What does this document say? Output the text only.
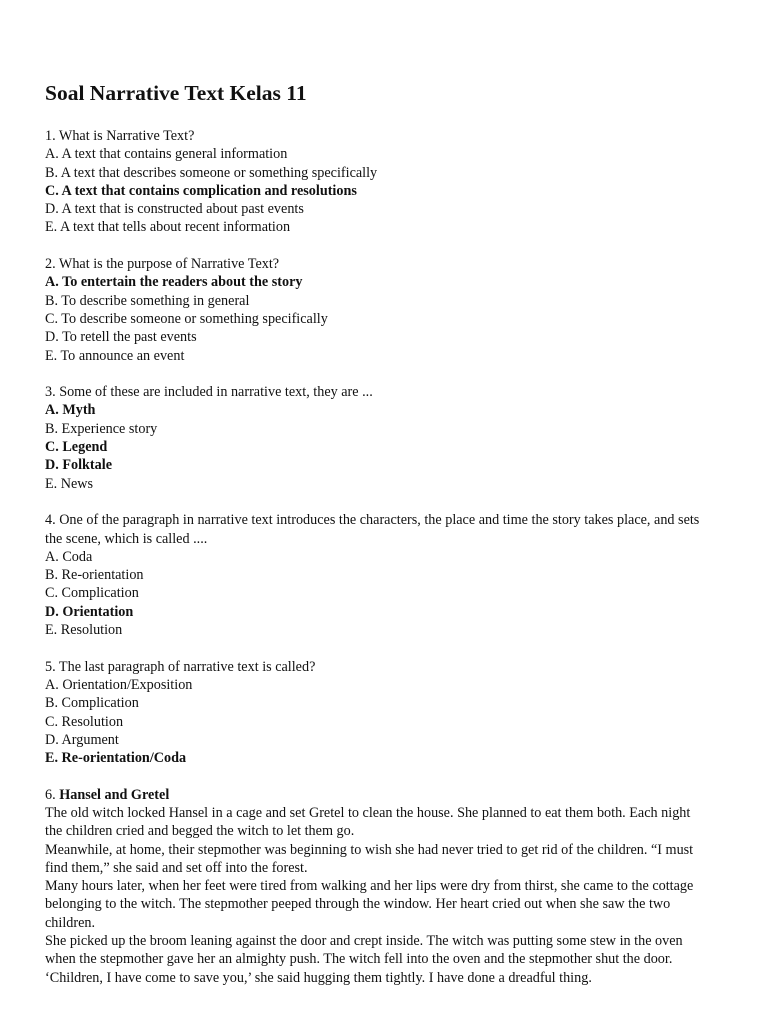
Soal Narrative Text Kelas 11
1. What is Narrative Text?
A. A text that contains general information
B. A text that describes someone or something specifically
C. A text that contains complication and resolutions
D. A text that is constructed about past events
E. A text that tells about recent information
2. What is the purpose of Narrative Text?
A. To entertain the readers about the story
B. To describe something in general
C. To describe someone or something specifically
D. To retell the past events
E. To announce an event
3. Some of these are included in narrative text, they are ...
A. Myth
B. Experience story
C. Legend
D. Folktale
E. News
4. One of the paragraph in narrative text introduces the characters, the place and time the story takes place, and sets
the scene, which is called ....
A. Coda
B. Re-orientation
C. Complication
D. Orientation
E. Resolution
5. The last paragraph of narrative text is called?
A. Orientation/Exposition
B. Complication
C. Resolution
D. Argument
E. Re-orientation/Coda
6. Hansel and Gretel
The old witch locked Hansel in a cage and set Gretel to clean the house. She planned to eat them both. Each night
the children cried and begged the witch to let them go.
Meanwhile, at home, their stepmother was beginning to wish she had never tried to get rid of the children. “I must
find them,” she said and set off into the forest.
Many hours later, when her feet were tired from walking and her lips were dry from thirst, she came to the cottage
belonging to the witch. The stepmother peeped through the window. Her heart cried out when she saw the two
children.
She picked up the broom leaning against the door and crept inside. The witch was putting some stew in the oven
when the stepmother gave her an almighty push. The witch fell into the oven and the stepmother shut the door.
‘Children, I have come to save you,’ she said hugging them tightly. I have done a dreadful thing.
